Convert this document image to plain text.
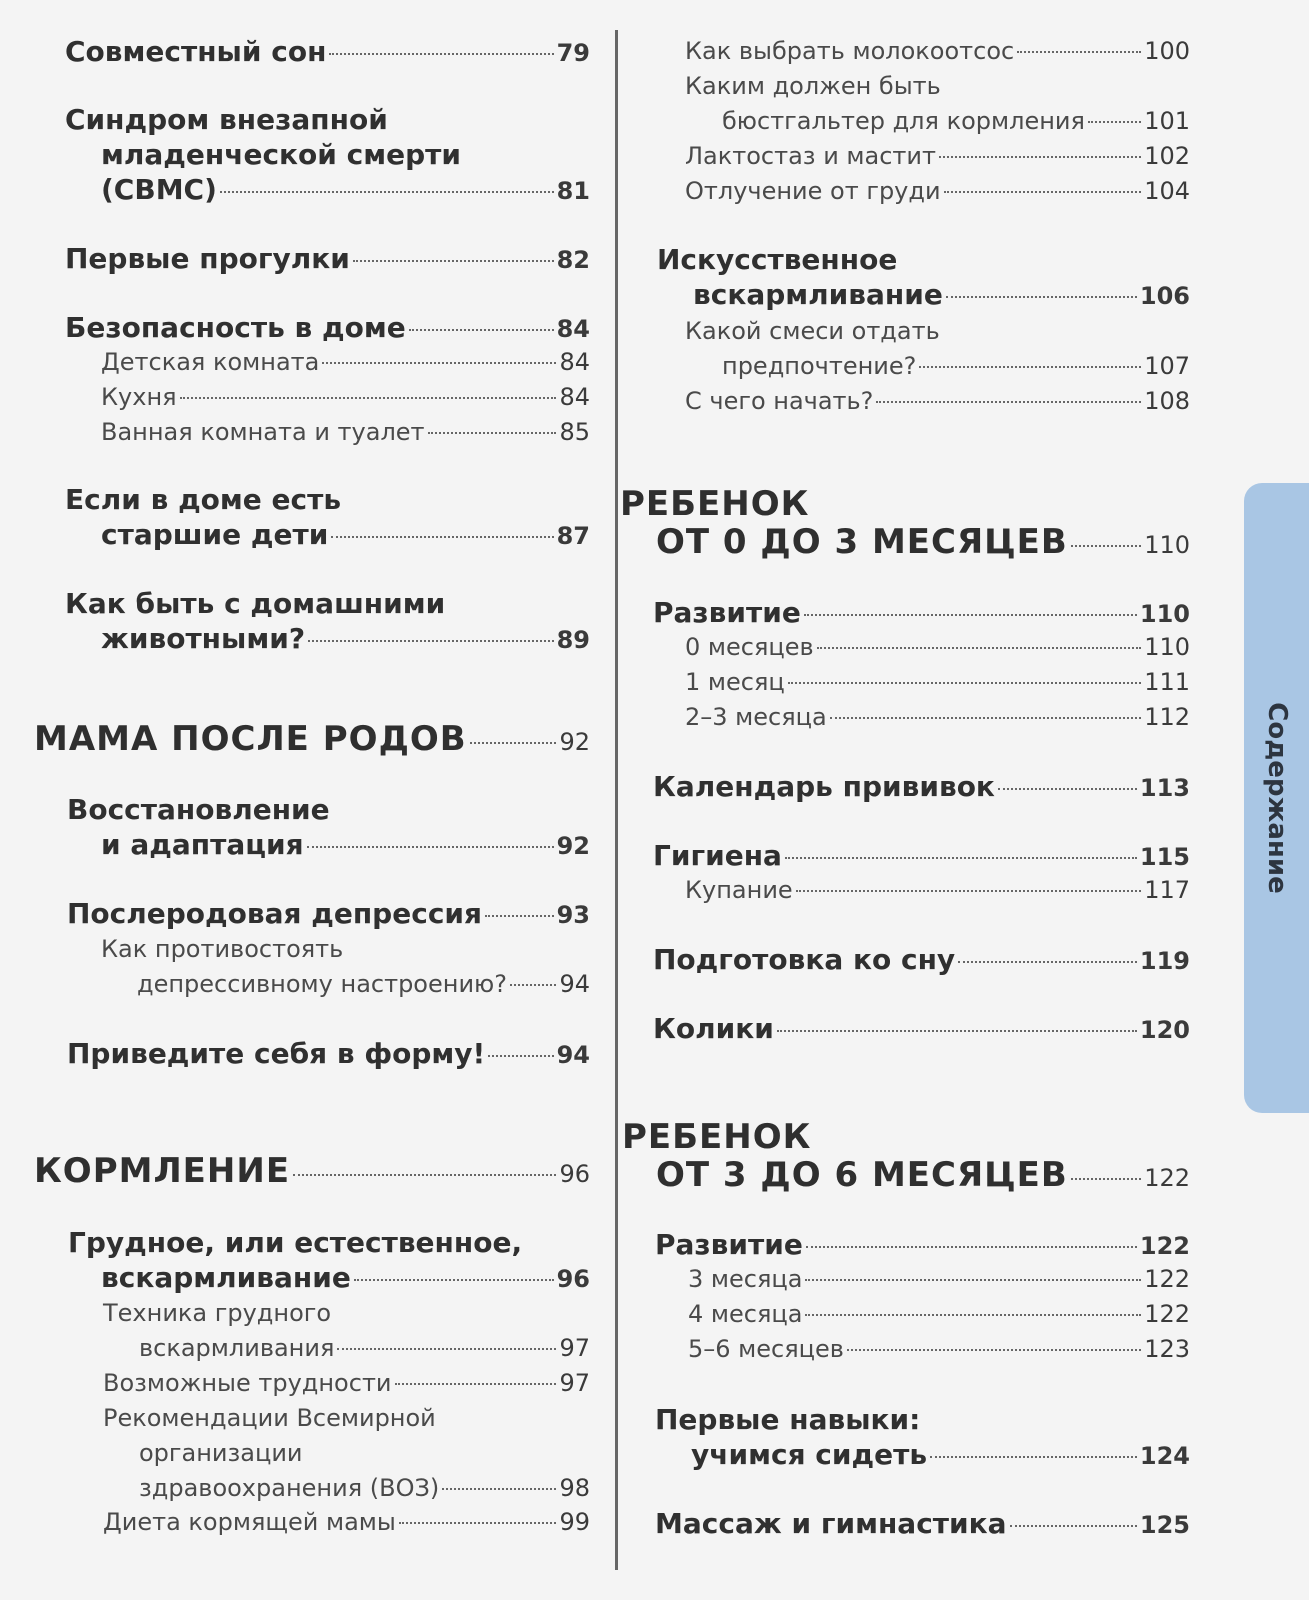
Совместный сон	79
Синдром внезапной
младенческой смерти
(СВМС)	81
Первые прогулки	82
Безопасность в доме	84
Детская комната	84
Кухня	84
Ванная комната и туалет	85
Если в доме есть
старшие дети	87
Как быть с домашними
животными?	89
МАМА ПОСЛЕ РОДОВ	92
Восстановление
и адаптация	92
Послеродовая депрессия	93
Как противостоять
депрессивному настроению? 94
Приведите себя в форму!	94
КОРМЛЕНИЕ	96
Грудное, или естественное,
вскармливание	96
Техника грудного
вскармливания	97
Возможные трудности	97
Рекомендации Всемирной
организации
здравоохранения (ВОЗ)	98
Диета кормящей мамы	99
Как выбрать молокоотсос	100
Каким должен быть
бюстгальтер для кормления 101
Лактостаз и мастит	102
Отлучение от груди	104
Искусственное
вскармливание	106
Какой смеси отдать
предпочтение?	107
С чего начать?	108
РЕБЕНОК
ОТ 0 ДО 3 МЕСЯЦЕВ	110
Развитие	110
0 месяцев	110
1 месяц	111
2–3 месяца	112
Календарь прививок	113
Гигиена	115
Купание	117
Подготовка ко сну	119
Колики	120
РЕБЕНОК
ОТ 3 ДО 6 МЕСЯЦЕВ	122
Развитие	122
3 месяца	122
4 месяца	122
5–6 месяцев	123
Первые навыки:
учимся сидеть	124
Массаж и гимнастика	125
Содержание
